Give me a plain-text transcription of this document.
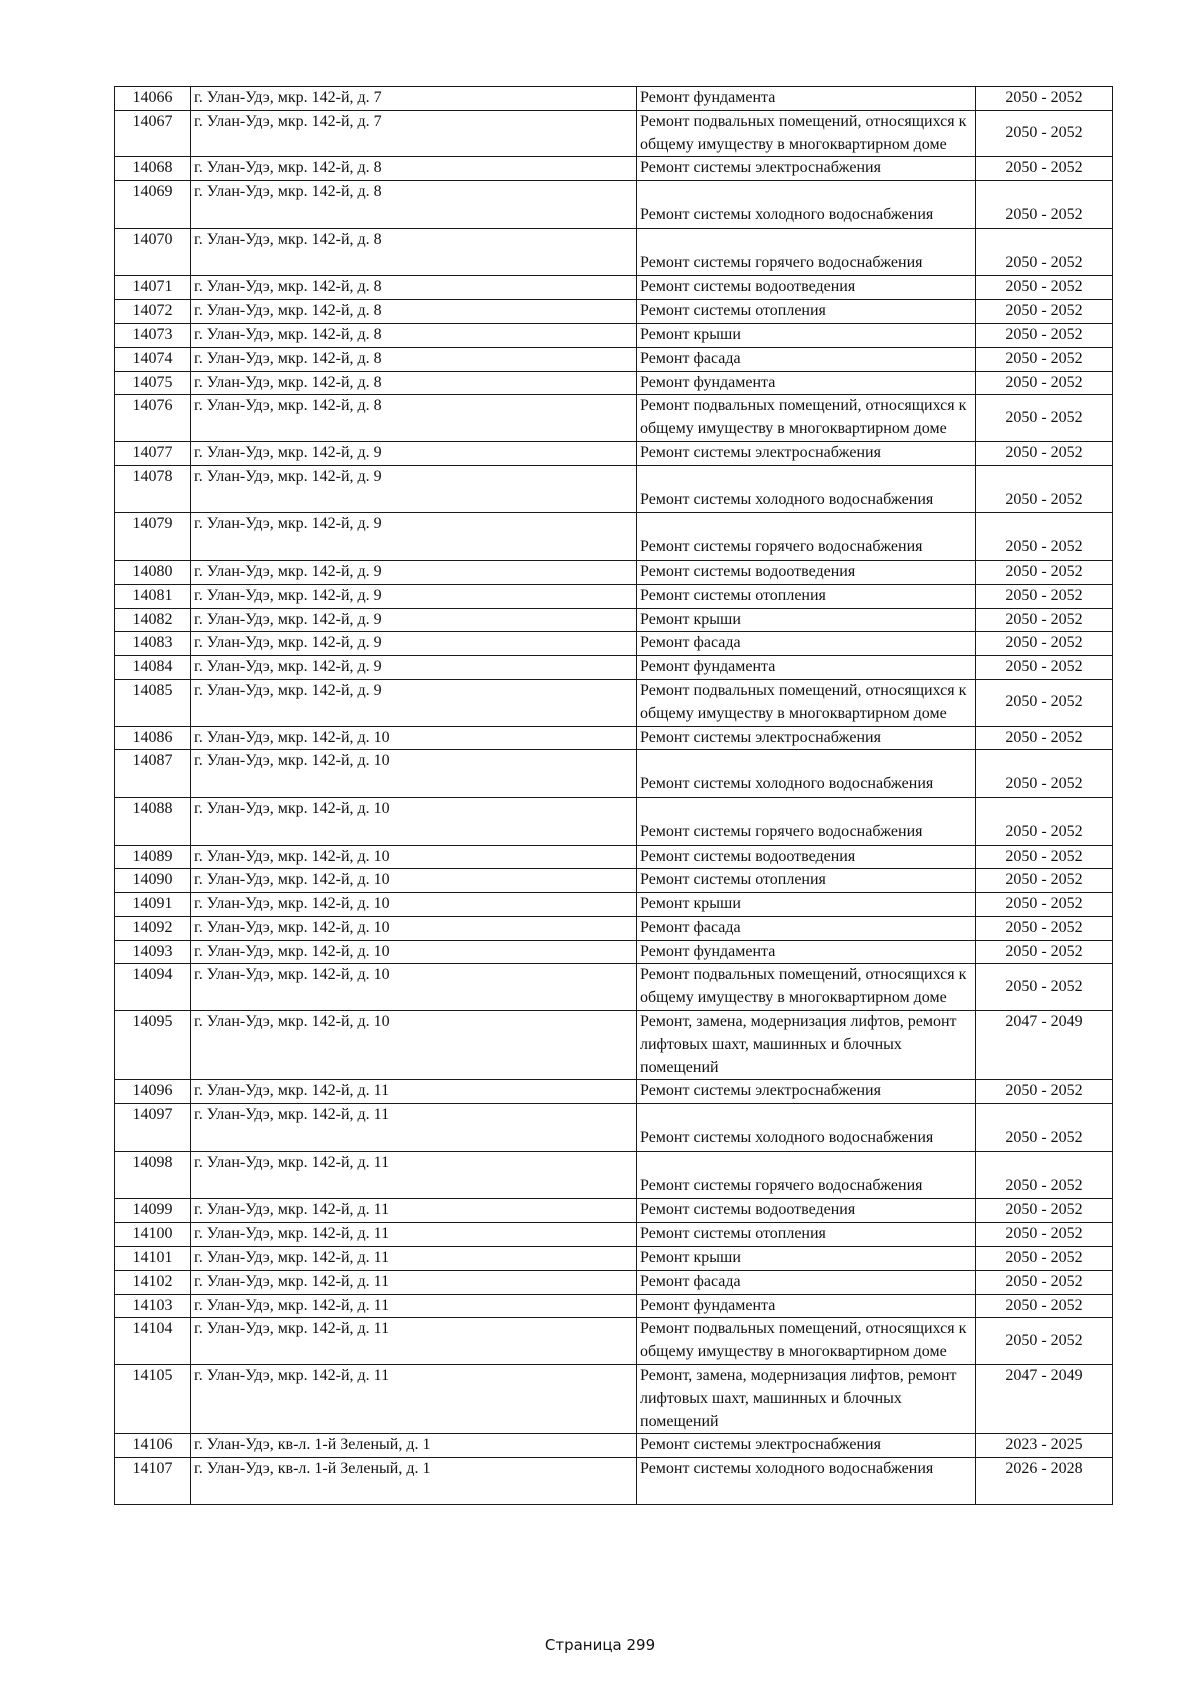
14066	г. Улан-Удэ, мкр. 142-й, д. 7	Ремонт фундамента	2050 - 2052
14067	г. Улан-Удэ, мкр. 142-й, д. 7	Ремонт подвальных помещений, относящихся к общему имуществу в многоквартирном доме	2050 - 2052
14068	г. Улан-Удэ, мкр. 142-й, д. 8	Ремонт системы электроснабжения	2050 - 2052
14069	г. Улан-Удэ, мкр. 142-й, д. 8	Ремонт системы холодного водоснабжения	2050 - 2052
14070	г. Улан-Удэ, мкр. 142-й, д. 8	Ремонт системы горячего водоснабжения	2050 - 2052
14071	г. Улан-Удэ, мкр. 142-й, д. 8	Ремонт системы водоотведения	2050 - 2052
14072	г. Улан-Удэ, мкр. 142-й, д. 8	Ремонт системы отопления	2050 - 2052
14073	г. Улан-Удэ, мкр. 142-й, д. 8	Ремонт крыши	2050 - 2052
14074	г. Улан-Удэ, мкр. 142-й, д. 8	Ремонт фасада	2050 - 2052
14075	г. Улан-Удэ, мкр. 142-й, д. 8	Ремонт фундамента	2050 - 2052
14076	г. Улан-Удэ, мкр. 142-й, д. 8	Ремонт подвальных помещений, относящихся к общему имуществу в многоквартирном доме	2050 - 2052
14077	г. Улан-Удэ, мкр. 142-й, д. 9	Ремонт системы электроснабжения	2050 - 2052
14078	г. Улан-Удэ, мкр. 142-й, д. 9	Ремонт системы холодного водоснабжения	2050 - 2052
14079	г. Улан-Удэ, мкр. 142-й, д. 9	Ремонт системы горячего водоснабжения	2050 - 2052
14080	г. Улан-Удэ, мкр. 142-й, д. 9	Ремонт системы водоотведения	2050 - 2052
14081	г. Улан-Удэ, мкр. 142-й, д. 9	Ремонт системы отопления	2050 - 2052
14082	г. Улан-Удэ, мкр. 142-й, д. 9	Ремонт крыши	2050 - 2052
14083	г. Улан-Удэ, мкр. 142-й, д. 9	Ремонт фасада	2050 - 2052
14084	г. Улан-Удэ, мкр. 142-й, д. 9	Ремонт фундамента	2050 - 2052
14085	г. Улан-Удэ, мкр. 142-й, д. 9	Ремонт подвальных помещений, относящихся к общему имуществу в многоквартирном доме	2050 - 2052
14086	г. Улан-Удэ, мкр. 142-й, д. 10	Ремонт системы электроснабжения	2050 - 2052
14087	г. Улан-Удэ, мкр. 142-й, д. 10	Ремонт системы холодного водоснабжения	2050 - 2052
14088	г. Улан-Удэ, мкр. 142-й, д. 10	Ремонт системы горячего водоснабжения	2050 - 2052
14089	г. Улан-Удэ, мкр. 142-й, д. 10	Ремонт системы водоотведения	2050 - 2052
14090	г. Улан-Удэ, мкр. 142-й, д. 10	Ремонт системы отопления	2050 - 2052
14091	г. Улан-Удэ, мкр. 142-й, д. 10	Ремонт крыши	2050 - 2052
14092	г. Улан-Удэ, мкр. 142-й, д. 10	Ремонт фасада	2050 - 2052
14093	г. Улан-Удэ, мкр. 142-й, д. 10	Ремонт фундамента	2050 - 2052
14094	г. Улан-Удэ, мкр. 142-й, д. 10	Ремонт подвальных помещений, относящихся к общему имуществу в многоквартирном доме	2050 - 2052
14095	г. Улан-Удэ, мкр. 142-й, д. 10	Ремонт, замена, модернизация лифтов, ремонт лифтовых шахт, машинных и блочных помещений	2047 - 2049
14096	г. Улан-Удэ, мкр. 142-й, д. 11	Ремонт системы электроснабжения	2050 - 2052
14097	г. Улан-Удэ, мкр. 142-й, д. 11	Ремонт системы холодного водоснабжения	2050 - 2052
14098	г. Улан-Удэ, мкр. 142-й, д. 11	Ремонт системы горячего водоснабжения	2050 - 2052
14099	г. Улан-Удэ, мкр. 142-й, д. 11	Ремонт системы водоотведения	2050 - 2052
14100	г. Улан-Удэ, мкр. 142-й, д. 11	Ремонт системы отопления	2050 - 2052
14101	г. Улан-Удэ, мкр. 142-й, д. 11	Ремонт крыши	2050 - 2052
14102	г. Улан-Удэ, мкр. 142-й, д. 11	Ремонт фасада	2050 - 2052
14103	г. Улан-Удэ, мкр. 142-й, д. 11	Ремонт фундамента	2050 - 2052
14104	г. Улан-Удэ, мкр. 142-й, д. 11	Ремонт подвальных помещений, относящихся к общему имуществу в многоквартирном доме	2050 - 2052
14105	г. Улан-Удэ, мкр. 142-й, д. 11	Ремонт, замена, модернизация лифтов, ремонт лифтовых шахт, машинных и блочных помещений	2047 - 2049
14106	г. Улан-Удэ, кв-л. 1-й Зеленый, д. 1	Ремонт системы электроснабжения	2023 - 2025
14107	г. Улан-Удэ, кв-л. 1-й Зеленый, д. 1	Ремонт системы холодного водоснабжения	2026 - 2028
Страница 299
